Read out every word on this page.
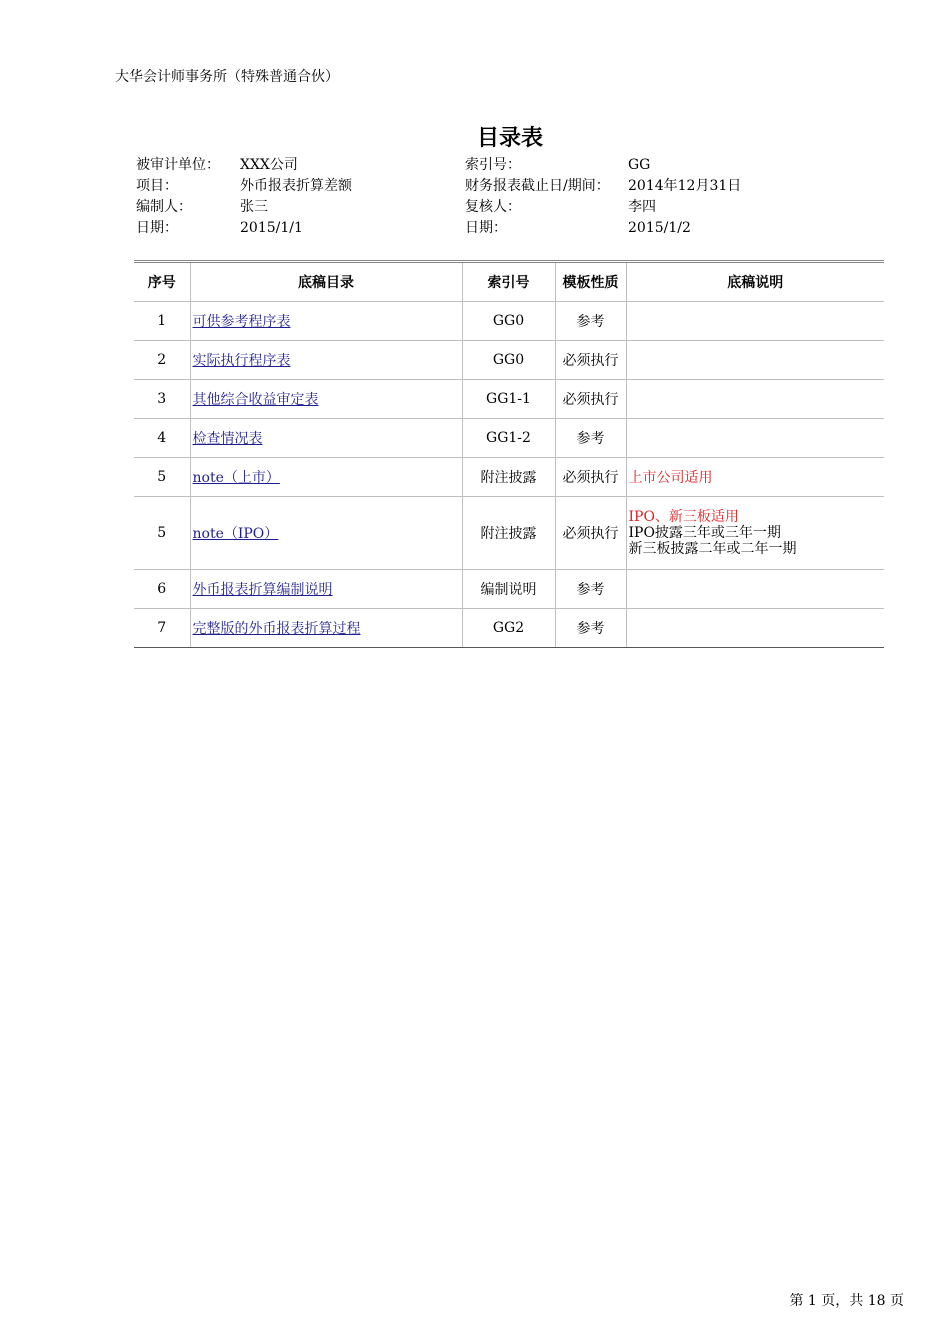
大华会计师事务所（特殊普通合伙）
目录表
被审计单位： XXX公司	索引号：	GG
项目：	外币报表折算差额	财务报表截止日/期间： 2014年12月31日
编制人：	张三	复核人：	李四
日期：	2015/1/1	日期：	2015/1/2
序号	底稿目录	索引号	模板性质	底稿说明
1	可供参考程序表	GG0	参考	
2	实际执行程序表	GG0	必须执行	
3	其他综合收益审定表	GG1-1	必须执行	
4	检查情况表	GG1-2	参考	
5	note（上市）	附注披露	必须执行	上市公司适用
5	note（IPO）	附注披露	必须执行	IPO、新三板适用
IPO披露三年或三年一期
新三板披露二年或二年一期

6	外币报表折算编制说明	编制说明	参考	
7	完整版的外币报表折算过程	GG2	参考	
第 1 页，共 18 页
